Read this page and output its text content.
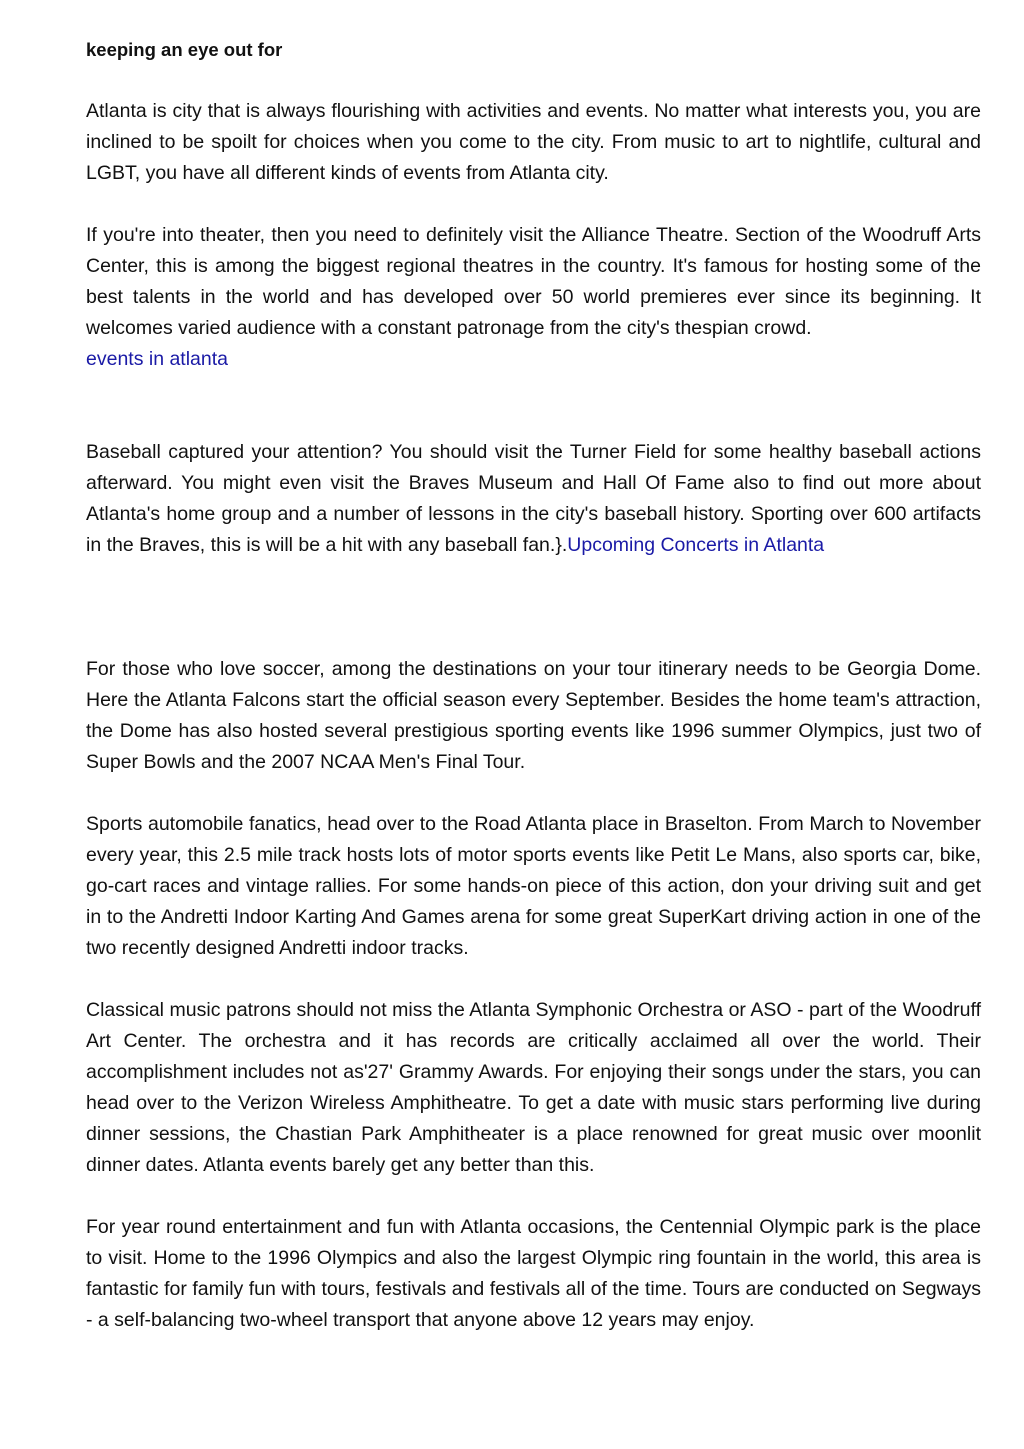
keeping an eye out for

Atlanta is city that is always flourishing with activities and events. No matter what interests you, you are inclined to be spoilt for choices when you come to the city. From music to art to nightlife, cultural and LGBT, you have all different kinds of events from Atlanta city.

If you're into theater, then you need to definitely visit the Alliance Theatre. Section of the Woodruff Arts Center, this is among the biggest regional theatres in the country. It's famous for hosting some of the best talents in the world and has developed over 50 world premieres ever since its beginning. It welcomes varied audience with a constant patronage from the city's thespian crowd.
events in atlanta

Baseball captured your attention? You should visit the Turner Field for some healthy baseball actions afterward. You might even visit the Braves Museum and Hall Of Fame also to find out more about Atlanta's home group and a number of lessons in the city's baseball history. Sporting over 600 artifacts in the Braves, this is will be a hit with any baseball fan.}.Upcoming Concerts in Atlanta

For those who love soccer, among the destinations on your tour itinerary needs to be Georgia Dome. Here the Atlanta Falcons start the official season every September. Besides the home team's attraction, the Dome has also hosted several prestigious sporting events like 1996 summer Olympics, just two of Super Bowls and the 2007 NCAA Men's Final Tour.

Sports automobile fanatics, head over to the Road Atlanta place in Braselton. From March to November every year, this 2.5 mile track hosts lots of motor sports events like Petit Le Mans, also sports car, bike, go-cart races and vintage rallies. For some hands-on piece of this action, don your driving suit and get in to the Andretti Indoor Karting And Games arena for some great SuperKart driving action in one of the two recently designed Andretti indoor tracks.

Classical music patrons should not miss the Atlanta Symphonic Orchestra or ASO - part of the Woodruff Art Center. The orchestra and it has records are critically acclaimed all over the world. Their accomplishment includes not as'27' Grammy Awards. For enjoying their songs under the stars, you can head over to the Verizon Wireless Amphitheatre. To get a date with music stars performing live during dinner sessions, the Chastian Park Amphitheater is a place renowned for great music over moonlit dinner dates. Atlanta events barely get any better than this.

For year round entertainment and fun with Atlanta occasions, the Centennial Olympic park is the place to visit. Home to the 1996 Olympics and also the largest Olympic ring fountain in the world, this area is fantastic for family fun with tours, festivals and festivals all of the time. Tours are conducted on Segways - a self-balancing two-wheel transport that anyone above 12 years may enjoy.
